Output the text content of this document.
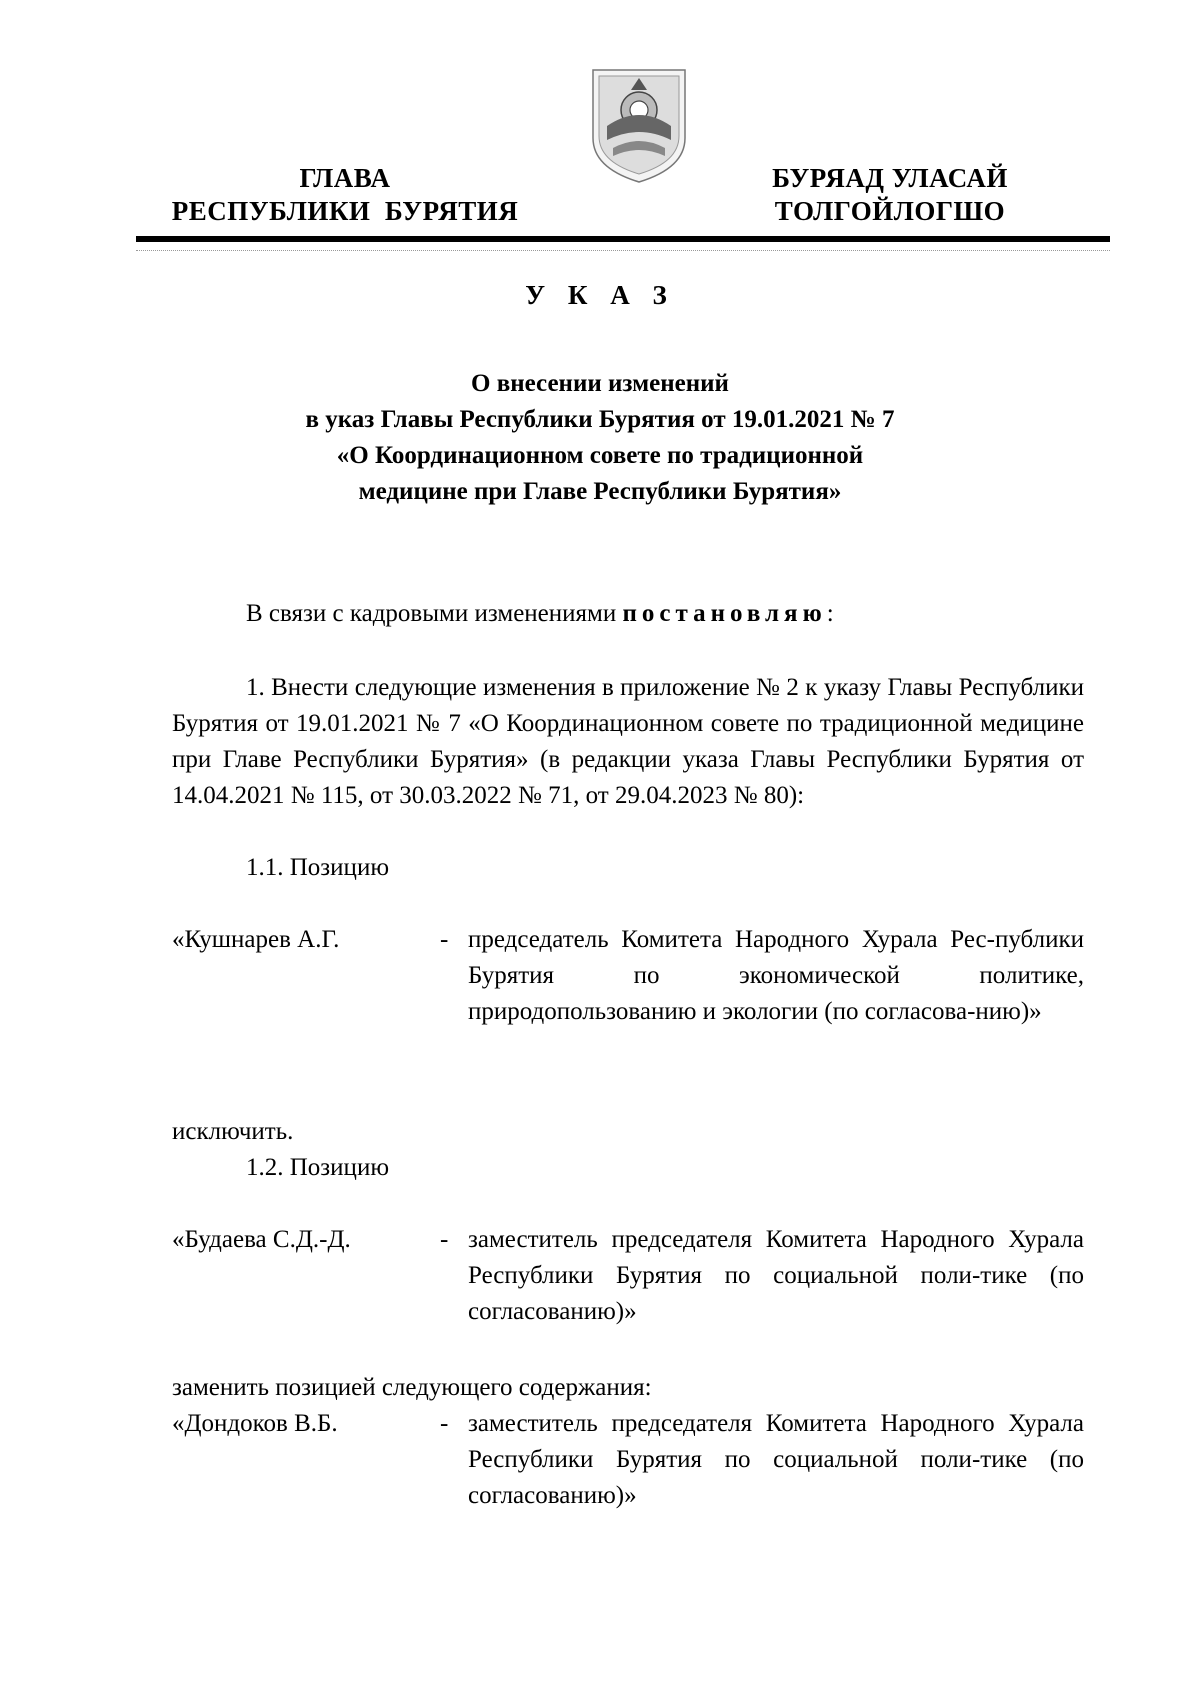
ГЛАВА
РЕСПУБЛИКИ  БУРЯТИЯ
БУРЯАД УЛАСАЙ
ТОЛГОЙЛОГШО
У К А З
О внесении изменений
в указ Главы Республики Бурятия от 19.01.2021 № 7
«О Координационном совете по традиционной
медицине при Главе Республики Бурятия»
В связи с кадровыми изменениями постановляю:
1. Внести следующие изменения в приложение № 2 к указу Главы Республики Бурятия от 19.01.2021 № 7 «О Координационном совете по традиционной медицине при Главе Республики Бурятия» (в редакции указа Главы Республики Бурятия от 14.04.2021 № 115, от 30.03.2022 № 71, от 29.04.2023 № 80):
1.1. Позицию
«Кушнарев А.Г.	- председатель Комитета Народного Хурала Рес-публики Бурятия по экономической политике, природопользованию и экологии (по согласова-нию)»
исключить.
1.2. Позицию
«Будаева С.Д.-Д.	- заместитель председателя Комитета Народного Хурала Республики Бурятия по социальной поли-тике (по согласованию)»
заменить позицией следующего содержания:
«Дондоков В.Б.	- заместитель председателя Комитета Народного Хурала Республики Бурятия по социальной поли-тике (по согласованию)»
